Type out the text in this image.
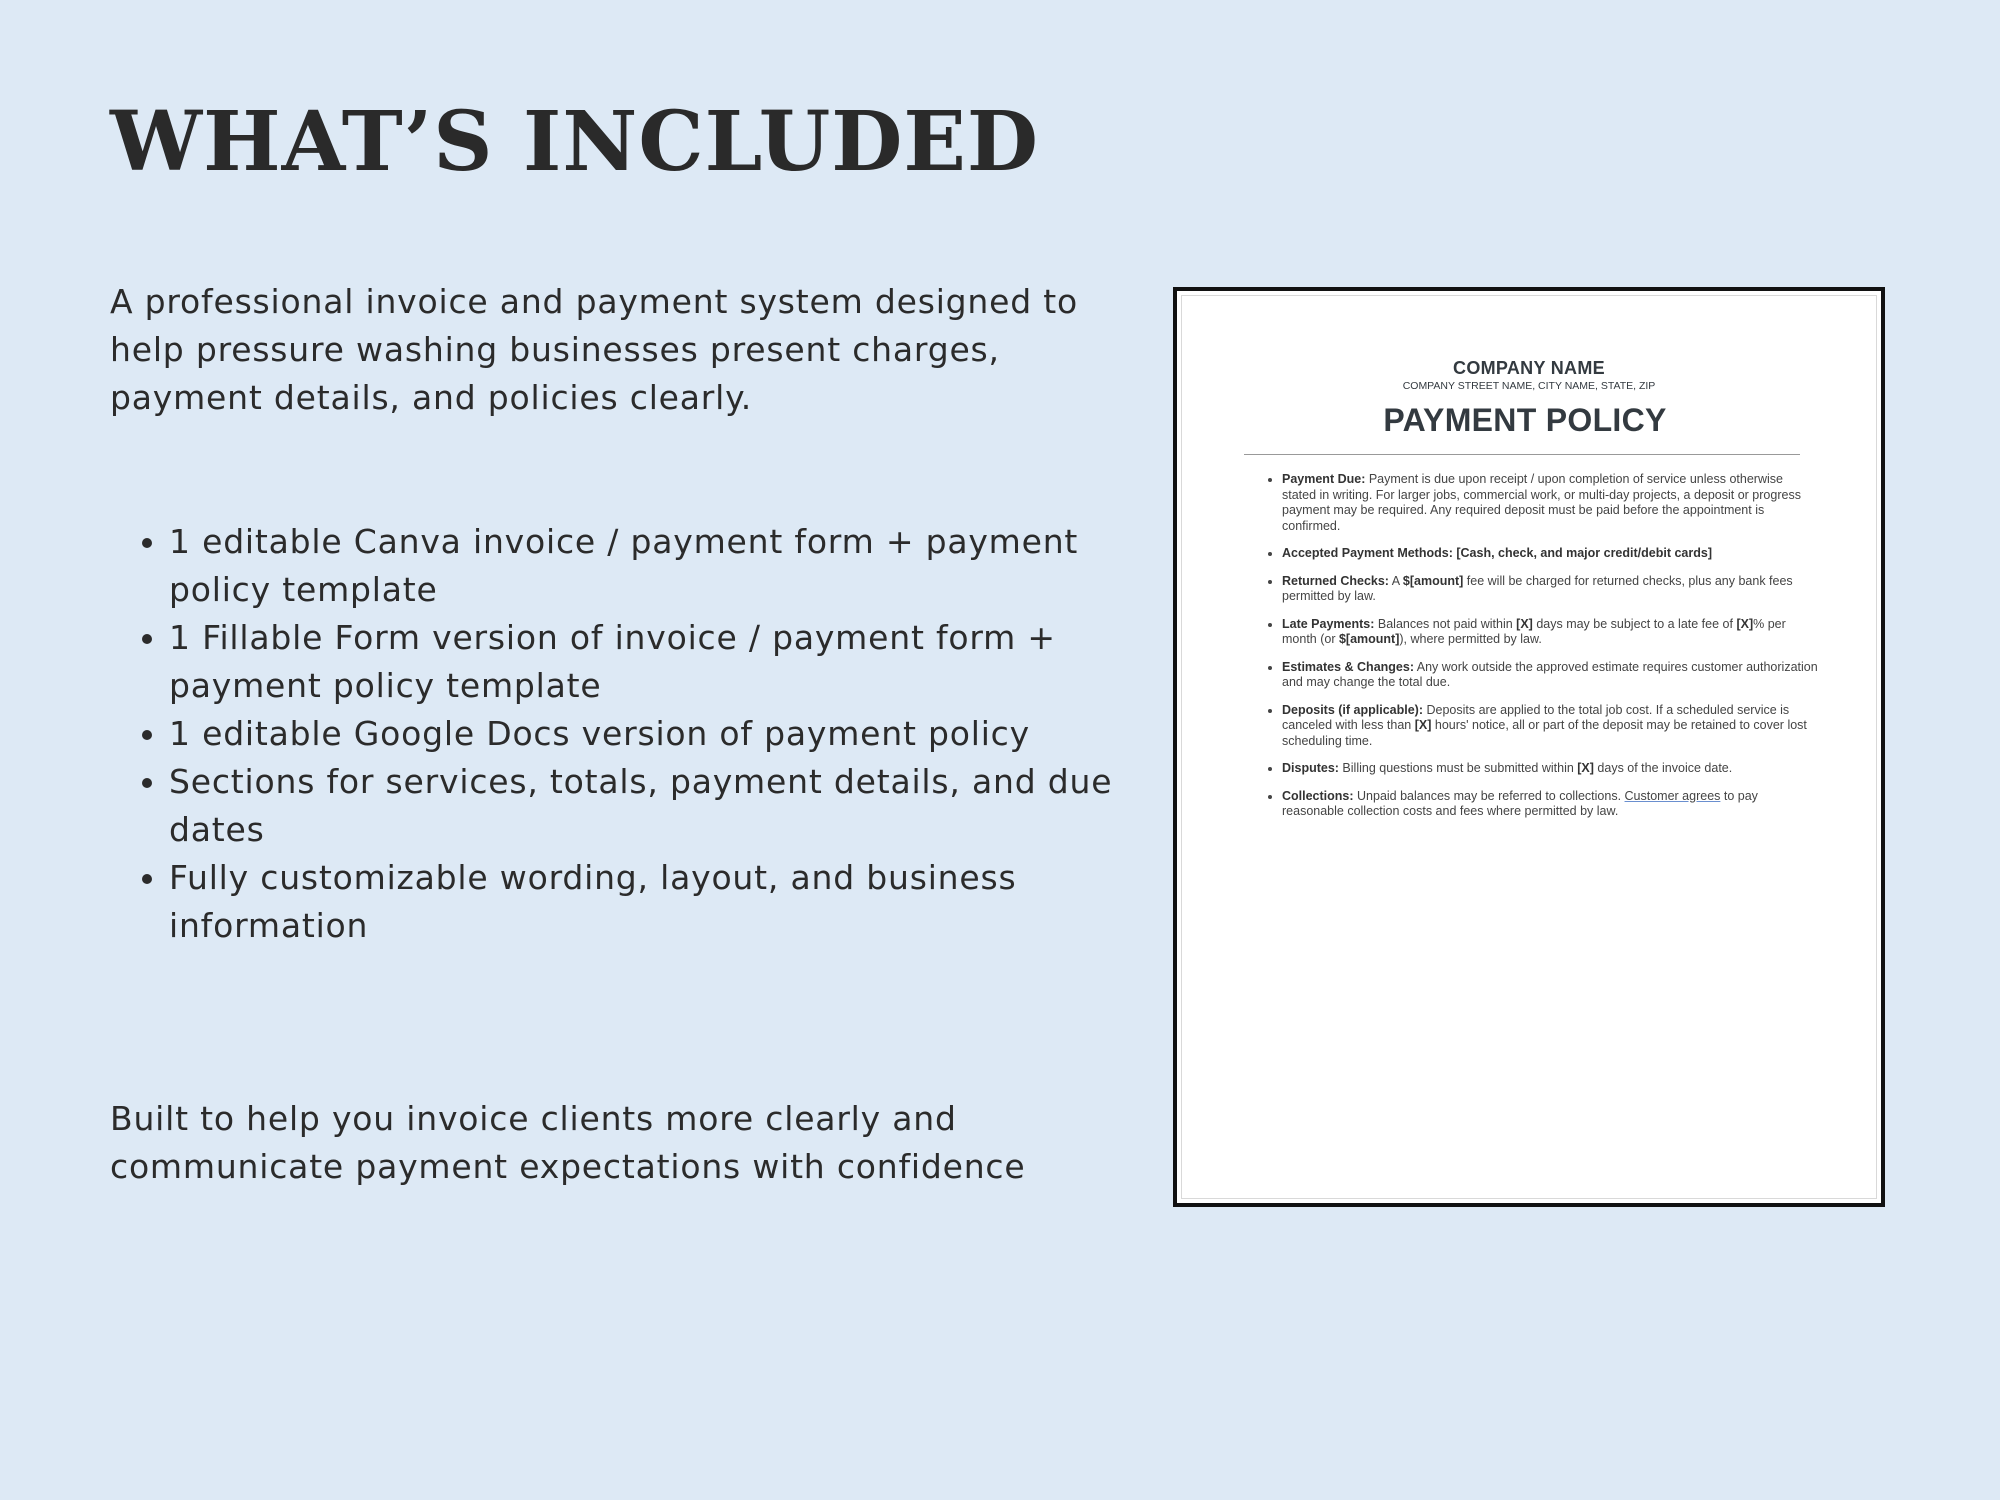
WHAT’S INCLUDED

A professional invoice and payment system designed to help pressure washing businesses present charges, payment details, and policies clearly.

• 1 editable Canva invoice / payment form + payment policy template
• 1 Fillable Form version of invoice / payment form + payment policy template
• 1 editable Google Docs version of payment policy
• Sections for services, totals, payment details, and due dates
• Fully customizable wording, layout, and business information

Built to help you invoice clients more clearly and
communicate payment expectations with confidence

COMPANY NAME
COMPANY STREET NAME, CITY NAME, STATE, ZIP
PAYMENT POLICY
• Payment Due: Payment is due upon receipt / upon completion of service unless otherwise stated in writing. For larger jobs, commercial work, or multi-day projects, a deposit or progress payment may be required. Any required deposit must be paid before the appointment is confirmed.
• Accepted Payment Methods: [Cash, check, and major credit/debit cards]
• Returned Checks: A $[amount] fee will be charged for returned checks, plus any bank fees permitted by law.
• Late Payments: Balances not paid within [X] days may be subject to a late fee of [X]% per month (or $[amount]), where permitted by law.
• Estimates & Changes: Any work outside the approved estimate requires customer authorization and may change the total due.
• Deposits (if applicable): Deposits are applied to the total job cost. If a scheduled service is canceled with less than [X] hours' notice, all or part of the deposit may be retained to cover lost scheduling time.
• Disputes: Billing questions must be submitted within [X] days of the invoice date.
• Collections: Unpaid balances may be referred to collections. Customer agrees to pay reasonable collection costs and fees where permitted by law.
